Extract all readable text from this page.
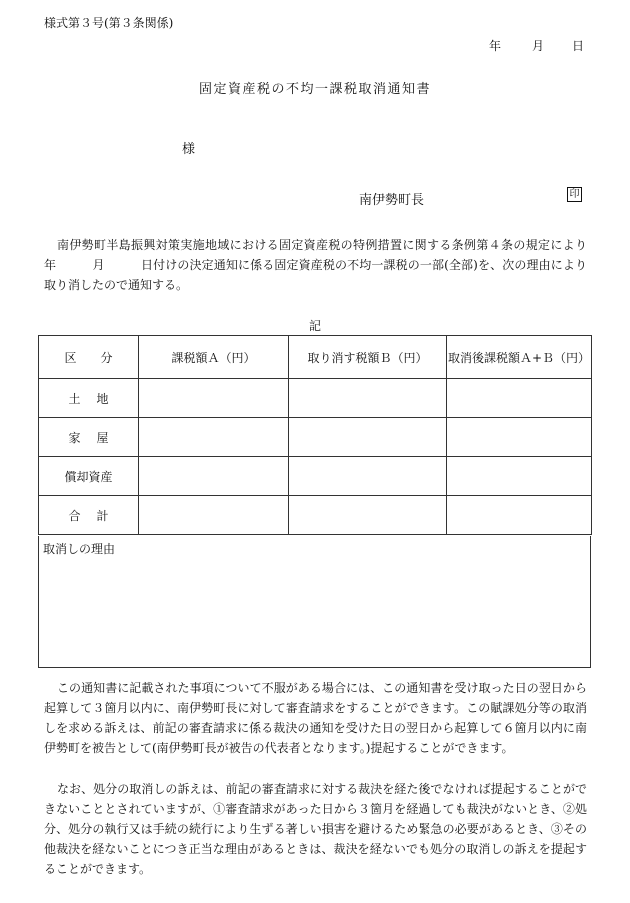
様式第３号(第３条関係)
年	月 日
固定資産税の不均一課税取消通知書
様
南伊勢町長	印

南伊勢町半島振興対策実施地域における固定資産税の特例措置に関する条例第４条の規定により　　　年　　　月　　　日付けの決定通知に係る固定資産税の不均一課税の一部(全部)を、次の理由により取り消したので通知する。

記
区　　分	課税額Ａ（円）	取り消す税額Ｂ（円）	取消後課税額Ａ+Ｂ（円）
土地			
家屋			
償却資産			
合計			
取消しの理由

この通知書に記載された事項について不服がある場合には、この通知書を受け取った日の翌日から起算して３箇月以内に、南伊勢町長に対して審査請求をすることができます。この賦課処分等の取消しを求める訴えは、前記の審査請求に係る裁決の通知を受けた日の翌日から起算して６箇月以内に南伊勢町を被告として(南伊勢町長が被告の代表者となります。)提起することができます。

なお、処分の取消しの訴えは、前記の審査請求に対する裁決を経た後でなければ提起することができないこととされていますが、①審査請求があった日から３箇月を経過しても裁決がないとき、②処分、処分の執行又は手続の続行により生ずる著しい損害を避けるため緊急の必要があるとき、③その他裁決を経ないことにつき正当な理由があるときは、裁決を経ないでも処分の取消しの訴えを提起することができます。
